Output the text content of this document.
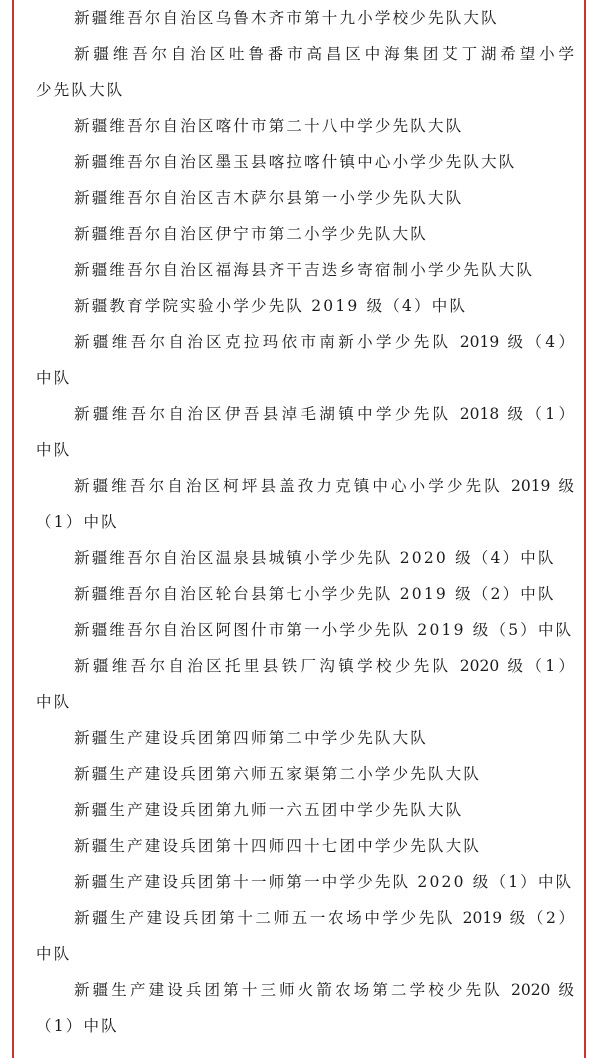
新疆维吾尔自治区乌鲁木齐市第十九小学校少先队大队
新疆维吾尔自治区吐鲁番市高昌区中海集团艾丁湖希望小学
少先队大队
新疆维吾尔自治区喀什市第二十八中学少先队大队
新疆维吾尔自治区墨玉县喀拉喀什镇中心小学少先队大队
新疆维吾尔自治区吉木萨尔县第一小学少先队大队
新疆维吾尔自治区伊宁市第二小学少先队大队
新疆维吾尔自治区福海县齐干吉迭乡寄宿制小学少先队大队
新疆教育学院实验小学少先队 2019 级（4）中队
新疆维吾尔自治区克拉玛依市南新小学少先队 2019 级（4）
中队
新疆维吾尔自治区伊吾县淖毛湖镇中学少先队 2018 级（1）
中队
新疆维吾尔自治区柯坪县盖孜力克镇中心小学少先队 2019 级
（1）中队
新疆维吾尔自治区温泉县城镇小学少先队 2020 级（4）中队
新疆维吾尔自治区轮台县第七小学少先队 2019 级（2）中队
新疆维吾尔自治区阿图什市第一小学少先队 2019 级（5）中队
新疆维吾尔自治区托里县铁厂沟镇学校少先队 2020 级（1）
中队
新疆生产建设兵团第四师第二中学少先队大队
新疆生产建设兵团第六师五家渠第二小学少先队大队
新疆生产建设兵团第九师一六五团中学少先队大队
新疆生产建设兵团第十四师四十七团中学少先队大队
新疆生产建设兵团第十一师第一中学少先队 2020 级（1）中队
新疆生产建设兵团第十二师五一农场中学少先队 2019 级（2）
中队
新疆生产建设兵团第十三师火箭农场第二学校少先队 2020 级
（1）中队
